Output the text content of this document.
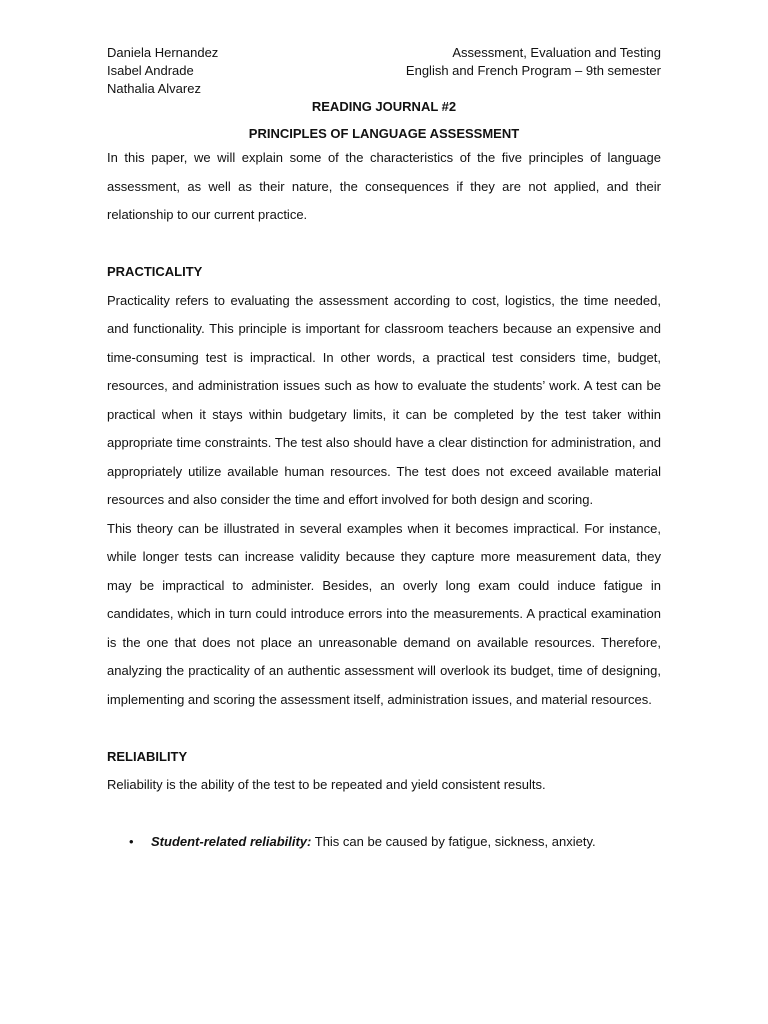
Daniela Hernandez
Isabel Andrade
Nathalia Alvarez
Assessment, Evaluation and Testing
English and French Program – 9th semester

READING JOURNAL #2

PRINCIPLES OF LANGUAGE ASSESSMENT

In this paper, we will explain some of the characteristics of the five principles of language assessment, as well as their nature, the consequences if they are not applied, and their relationship to our current practice.

PRACTICALITY

Practicality refers to evaluating the assessment according to cost, logistics, the time needed, and functionality. This principle is important for classroom teachers because an expensive and time-consuming test is impractical. In other words, a practical test considers time, budget, resources, and administration issues such as how to evaluate the students’ work. A test can be practical when it stays within budgetary limits, it can be completed by the test taker within appropriate time constraints. The test also should have a clear distinction for administration, and appropriately utilize available human resources. The test does not exceed available material resources and also consider the time and effort involved for both design and scoring.

This theory can be illustrated in several examples when it becomes impractical. For instance, while longer tests can increase validity because they capture more measurement data, they may be impractical to administer. Besides, an overly long exam could induce fatigue in candidates, which in turn could introduce errors into the measurements. A practical examination is the one that does not place an unreasonable demand on available resources. Therefore, analyzing the practicality of an authentic assessment will overlook its budget, time of designing, implementing and scoring the assessment itself, administration issues, and material resources.

RELIABILITY

Reliability is the ability of the test to be repeated and yield consistent results.

• Student-related reliability: This can be caused by fatigue, sickness, anxiety.
